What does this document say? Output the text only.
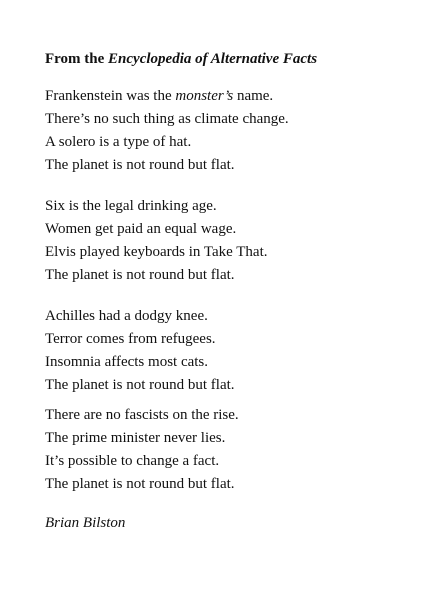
From the Encyclopedia of Alternative Facts
Frankenstein was the monster’s name.
There’s no such thing as climate change.
A solero is a type of hat.
The planet is not round but flat.
Six is the legal drinking age.
Women get paid an equal wage.
Elvis played keyboards in Take That.
The planet is not round but flat.
Achilles had a dodgy knee.
Terror comes from refugees.
Insomnia affects most cats.
The planet is not round but flat.
There are no fascists on the rise.
The prime minister never lies.
It’s possible to change a fact.
The planet is not round but flat.
Brian Bilston
